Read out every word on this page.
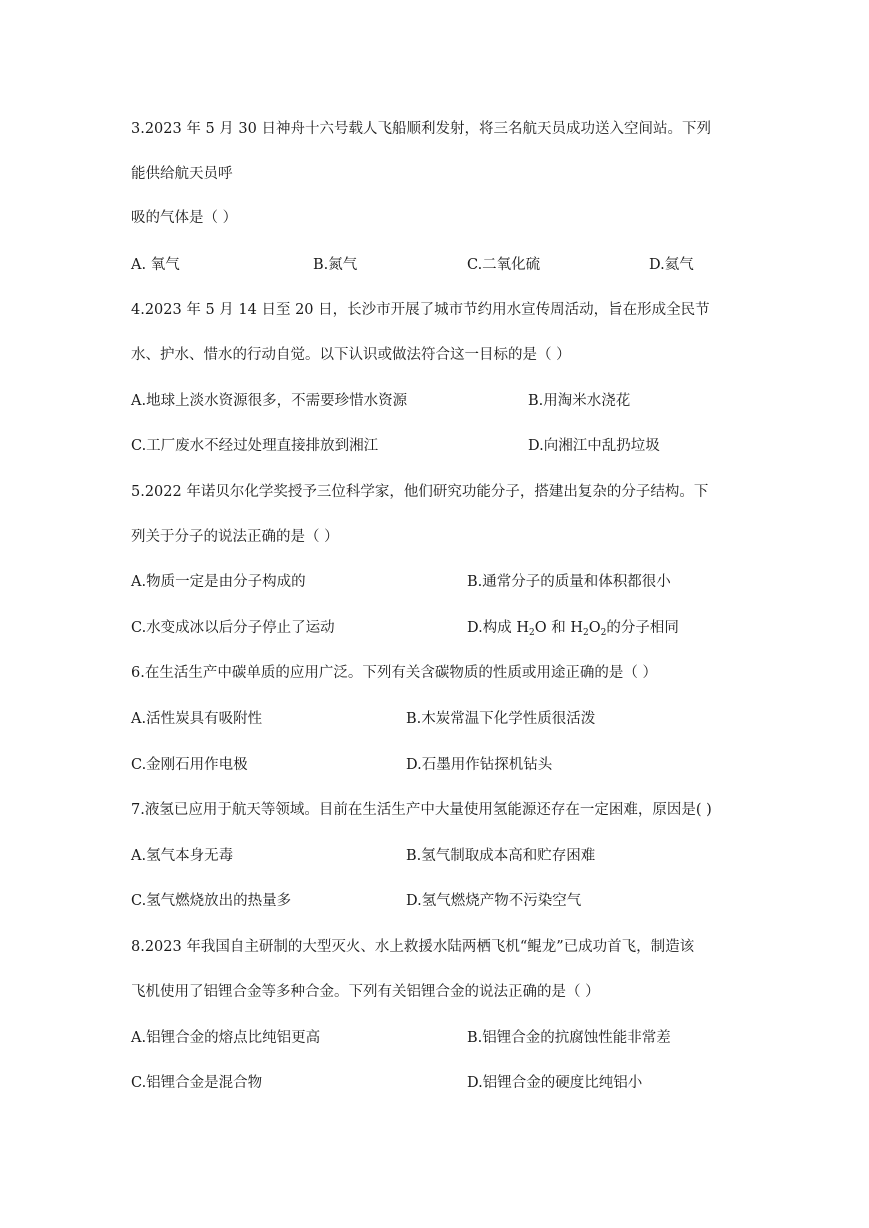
3.2023 年 5 月 30 日神舟十六号载人飞船顺利发射，将三名航天员成功送入空间站。下列
能供给航天员呼
吸的气体是（ ）
A. 氧气	B.氮气	C.二氧化硫	D.氦气
4.2023 年 5 月 14 日至 20 日，长沙市开展了城市节约用水宣传周活动，旨在形成全民节
水、护水、惜水的行动自觉。以下认识或做法符合这一目标的是（ ）
A.地球上淡水资源很多，不需要珍惜水资源	B.用淘米水浇花
C.工厂废水不经过处理直接排放到湘江	D.向湘江中乱扔垃圾
5.2022 年诺贝尔化学奖授予三位科学家，他们研究功能分子，搭建出复杂的分子结构。下
列关于分子的说法正确的是（ ）
A.物质一定是由分子构成的	B.通常分子的质量和体积都很小
C.水变成冰以后分子停止了运动	D.构成 $H_2O$ 和 $H_2O_2$的分子相同
6.在生活生产中碳单质的应用广泛。下列有关含碳物质的性质或用途正确的是（ ）
A.活性炭具有吸附性	B.木炭常温下化学性质很活泼
C.金刚石用作电极	D.石墨用作钻探机钻头
7.液氢已应用于航天等领域。目前在生活生产中大量使用氢能源还存在一定困难，原因是( )
A.氢气本身无毒	B.氢气制取成本高和贮存困难
C.氢气燃烧放出的热量多	D.氢气燃烧产物不污染空气
8.2023 年我国自主研制的大型灭火、水上救援水陆两栖飞机“鲲龙”已成功首飞，制造该
飞机使用了铝锂合金等多种合金。下列有关铝锂合金的说法正确的是（ ）
A.铝锂合金的熔点比纯铝更高	B.铝锂合金的抗腐蚀性能非常差
C.铝锂合金是混合物	D.铝锂合金的硬度比纯铝小
